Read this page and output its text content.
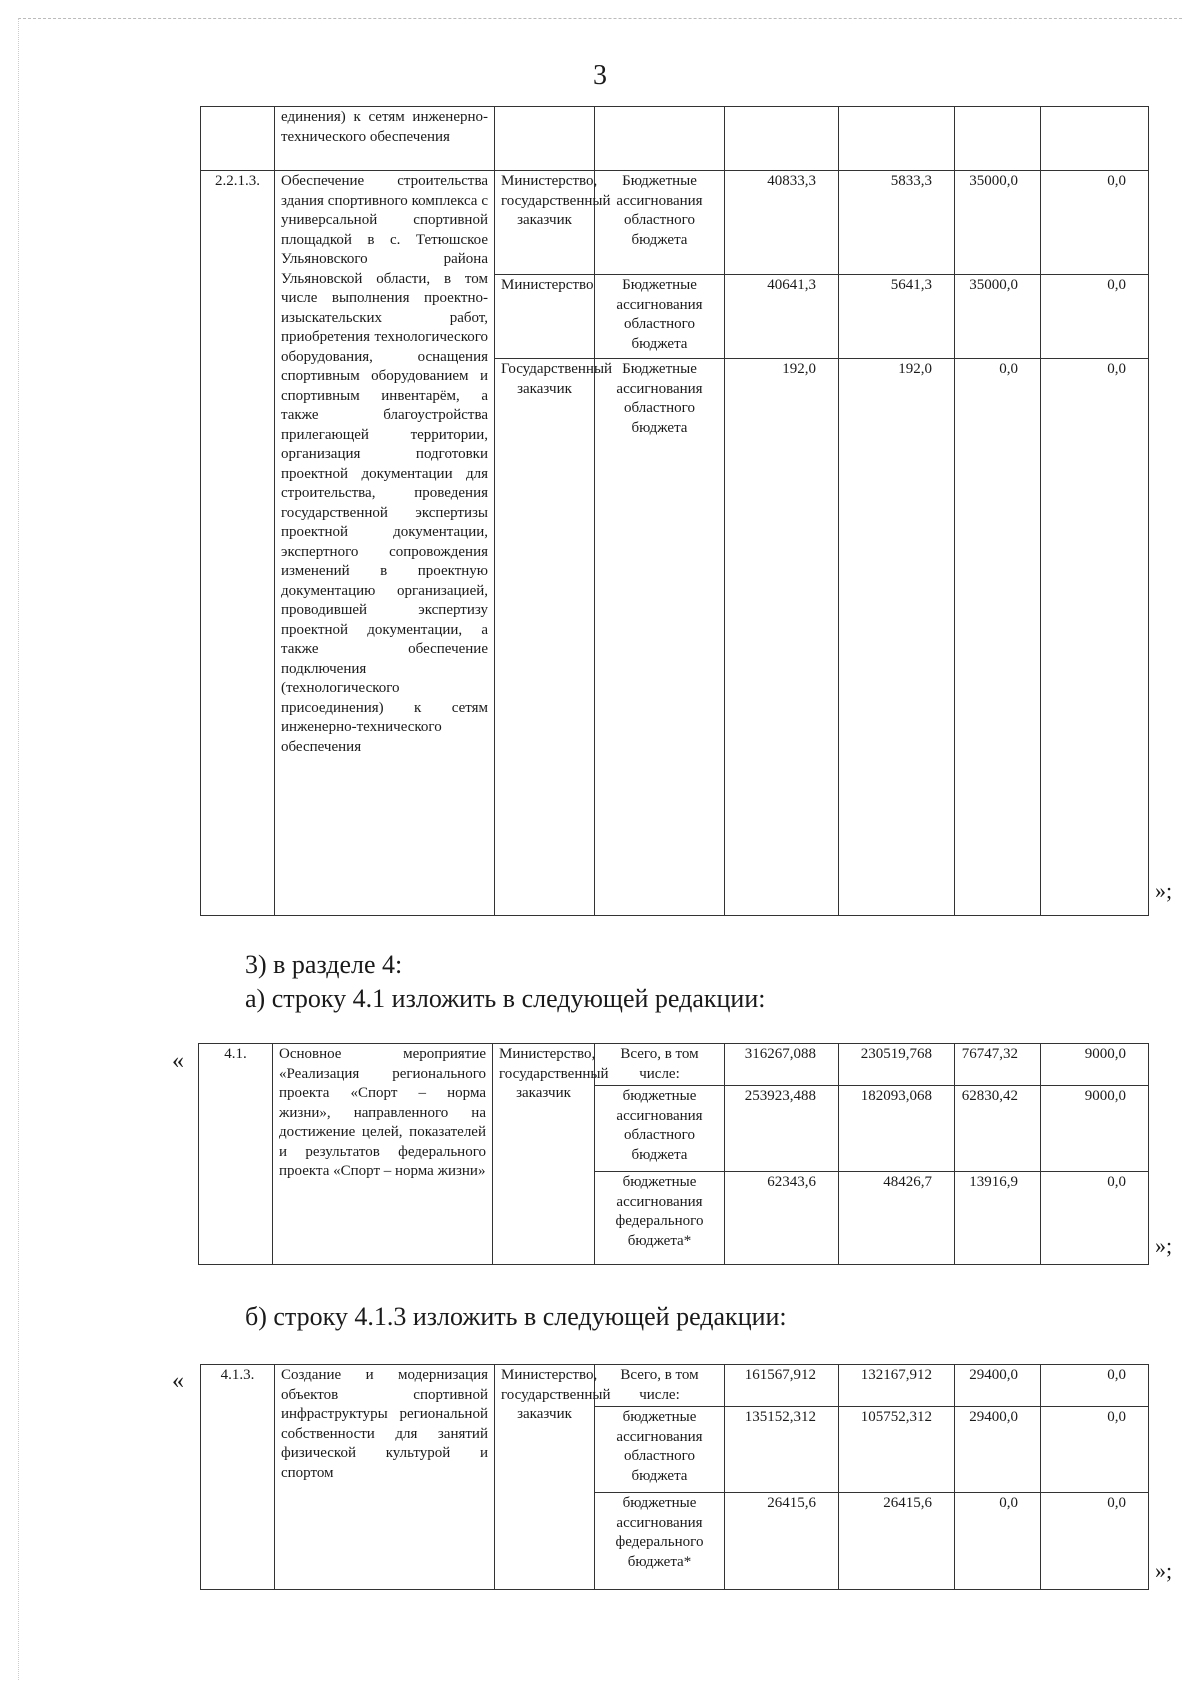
3
	единения) к сетям инженерно-технического обеспечения						
2.2.1.3.	Обеспечение строительства здания спортивного комплекса с универсальной спортивной площадкой в с. Тетюшское Ульяновского района Ульяновской области, в том числе выполнения проектно-изыскательских работ, приобретения технологического оборудования, оснащения спортивным оборудованием и спортивным инвентарём, а также благоустройства прилегающей территории, организация подготовки проектной документации для строительства, проведения государственной экспертизы проектной документации, экспертного сопровождения изменений в проектную документацию организацией, проводившей экспертизу проектной документации, а также обеспечение подключения (технологического присоединения) к сетям инженерно-технического обеспечения	Министерство, государственный заказчик	Бюджетные ассигнования областного бюджета	40833,3	5833,3	35000,0	0,0
		Министерство	Бюджетные ассигнования областного бюджета	40641,3	5641,3	35000,0	0,0
		Государственный заказчик	Бюджетные ассигнования областного бюджета	192,0	192,0	0,0	0,0
»;
3) в разделе 4:
а) строку 4.1 изложить в следующей редакции:
«	4.1.	Основное мероприятие «Реализация регионального проекта «Спорт – норма жизни», направленного на достижение целей, показателей и результатов федерального проекта «Спорт – норма жизни»	Министерство, государственный заказчик	Всего, в том числе:	316267,088	230519,768	76747,32	9000,0
			бюджетные ассигнования областного бюджета	253923,488	182093,068	62830,42	9000,0
			бюджетные ассигнования федерального бюджета*	62343,6	48426,7	13916,9	0,0
»;
б) строку 4.1.3 изложить в следующей редакции:
« 4.1.3.	Создание и модернизация объектов спортивной инфраструктуры региональной собственности для занятий физической культурой и спортом	Министерство, государственный заказчик	Всего, в том числе:	161567,912	132167,912	29400,0	0,0
			бюджетные ассигнования областного бюджета	135152,312	105752,312	29400,0	0,0
			бюджетные ассигнования федерального бюджета*	26415,6	26415,6	0,0	0,0
»;
